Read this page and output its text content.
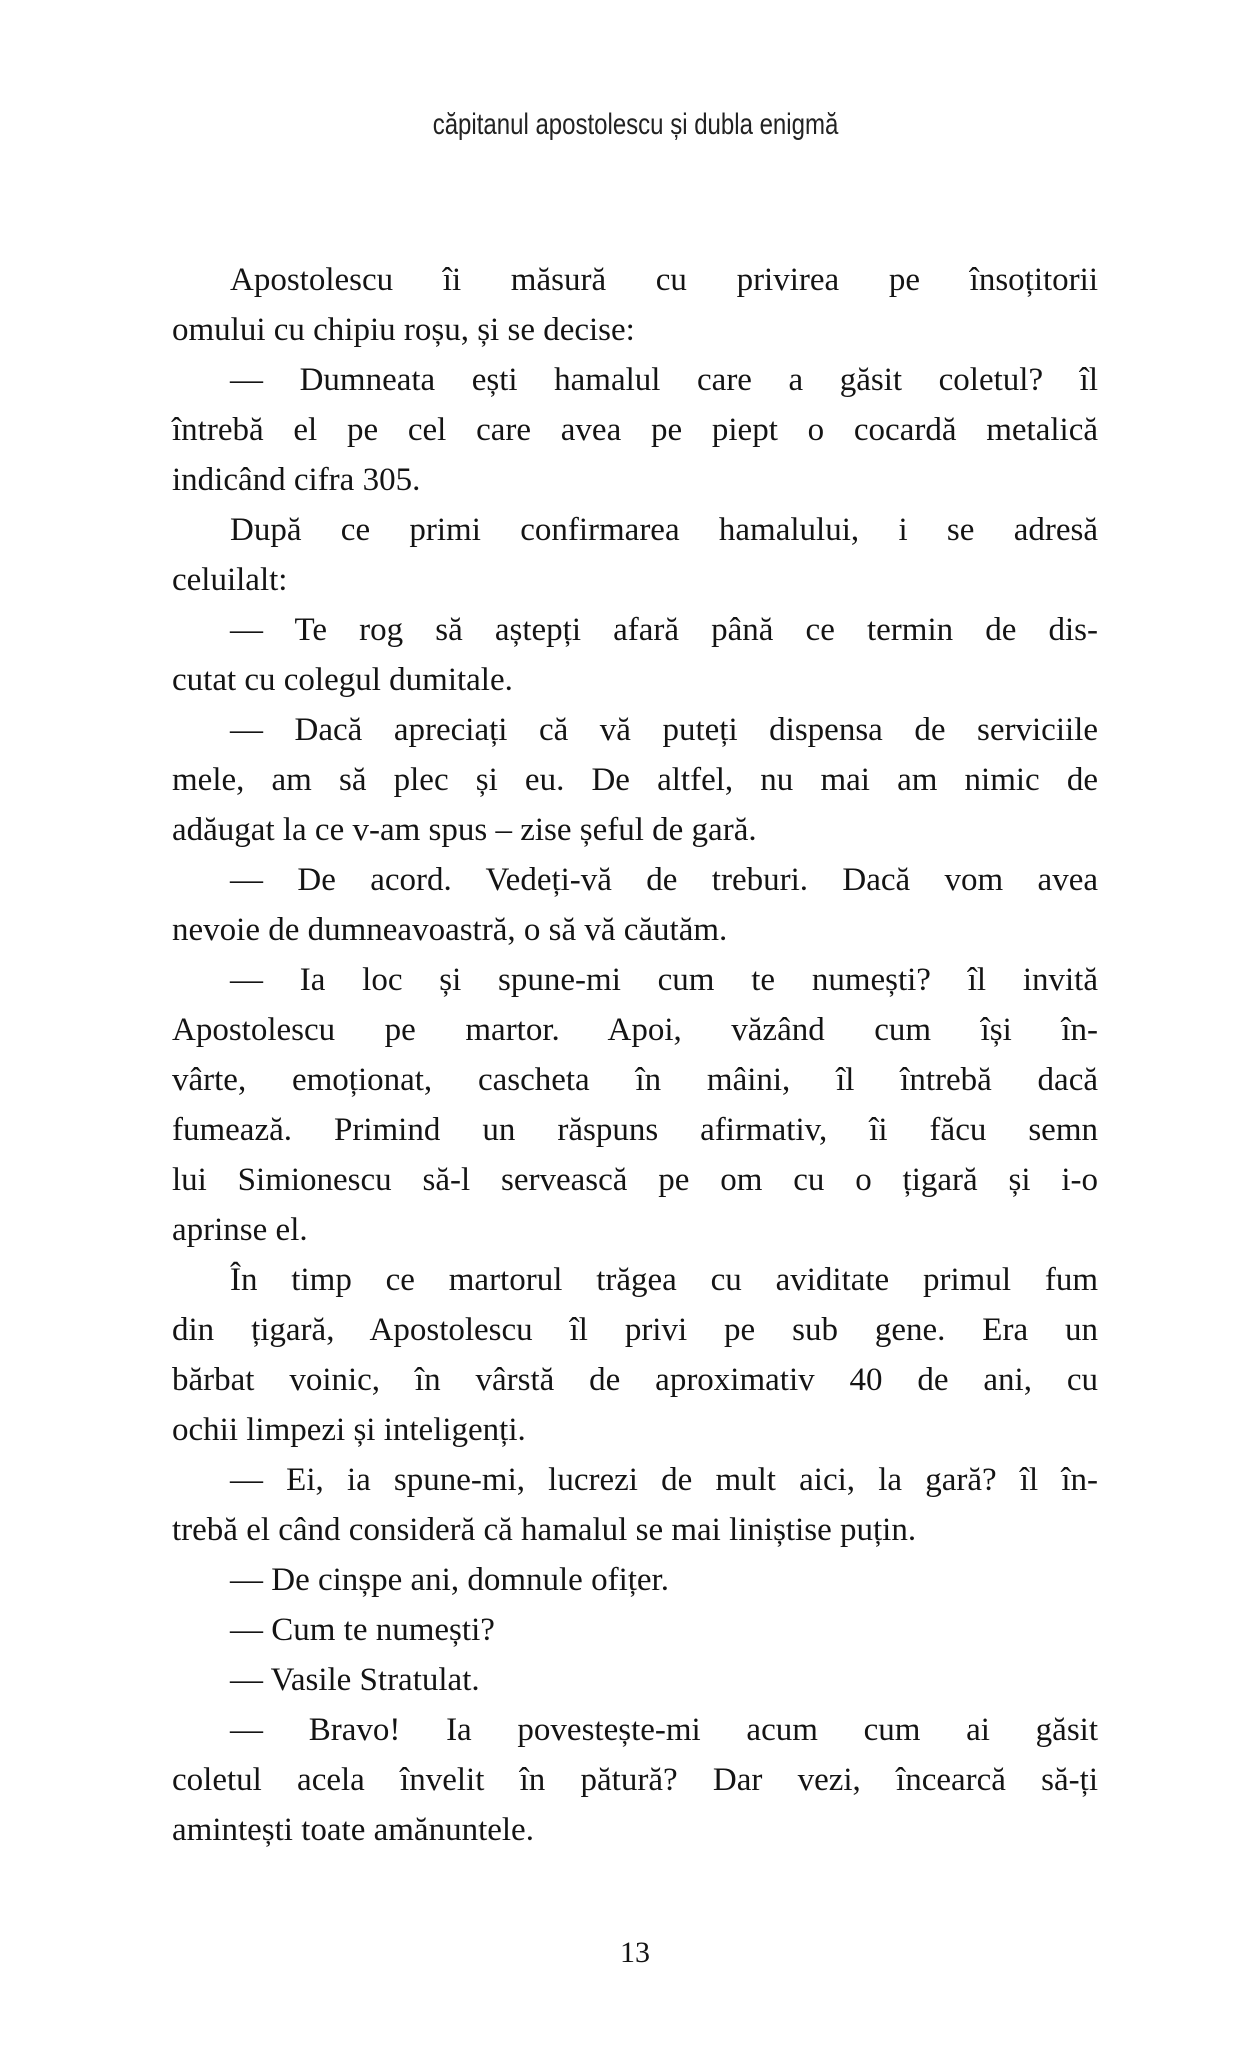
căpitanul apostolescu și dubla enigmă
Apostolescu îi măsură cu privirea pe însoțitorii
omului cu chipiu roșu, și se decise:
— Dumneata ești hamalul care a găsit coletul? îl
întrebă el pe cel care avea pe piept o cocardă metalică
indicând cifra 305.
După ce primi confirmarea hamalului, i se adresă
celuilalt:
— Te rog să aștepți afară până ce termin de dis-
cutat cu colegul dumitale.
— Dacă apreciați că vă puteți dispensa de serviciile
mele, am să plec și eu. De altfel, nu mai am nimic de
adăugat la ce v-am spus – zise șeful de gară.
— De acord. Vedeți-vă de treburi. Dacă vom avea
nevoie de dumneavoastră, o să vă căutăm.
— Ia loc și spune-mi cum te numești? îl invită
Apostolescu pe martor. Apoi, văzând cum își în-
vârte, emoționat, cascheta în mâini, îl întrebă dacă
fumează. Primind un răspuns afirmativ, îi făcu semn
lui Simionescu să-l servească pe om cu o țigară și i-o
aprinse el.
În timp ce martorul trăgea cu aviditate primul fum
din țigară, Apostolescu îl privi pe sub gene. Era un
bărbat voinic, în vârstă de aproximativ 40 de ani, cu
ochii limpezi și inteligenți.
— Ei, ia spune-mi, lucrezi de mult aici, la gară? îl în-
trebă el când consideră că hamalul se mai liniștise puțin.
— De cinșpe ani, domnule ofițer.
— Cum te numești?
— Vasile Stratulat.
— Bravo! Ia povestește-mi acum cum ai găsit
coletul acela învelit în pătură? Dar vezi, încearcă să-ți
amintești toate amănuntele.
13
